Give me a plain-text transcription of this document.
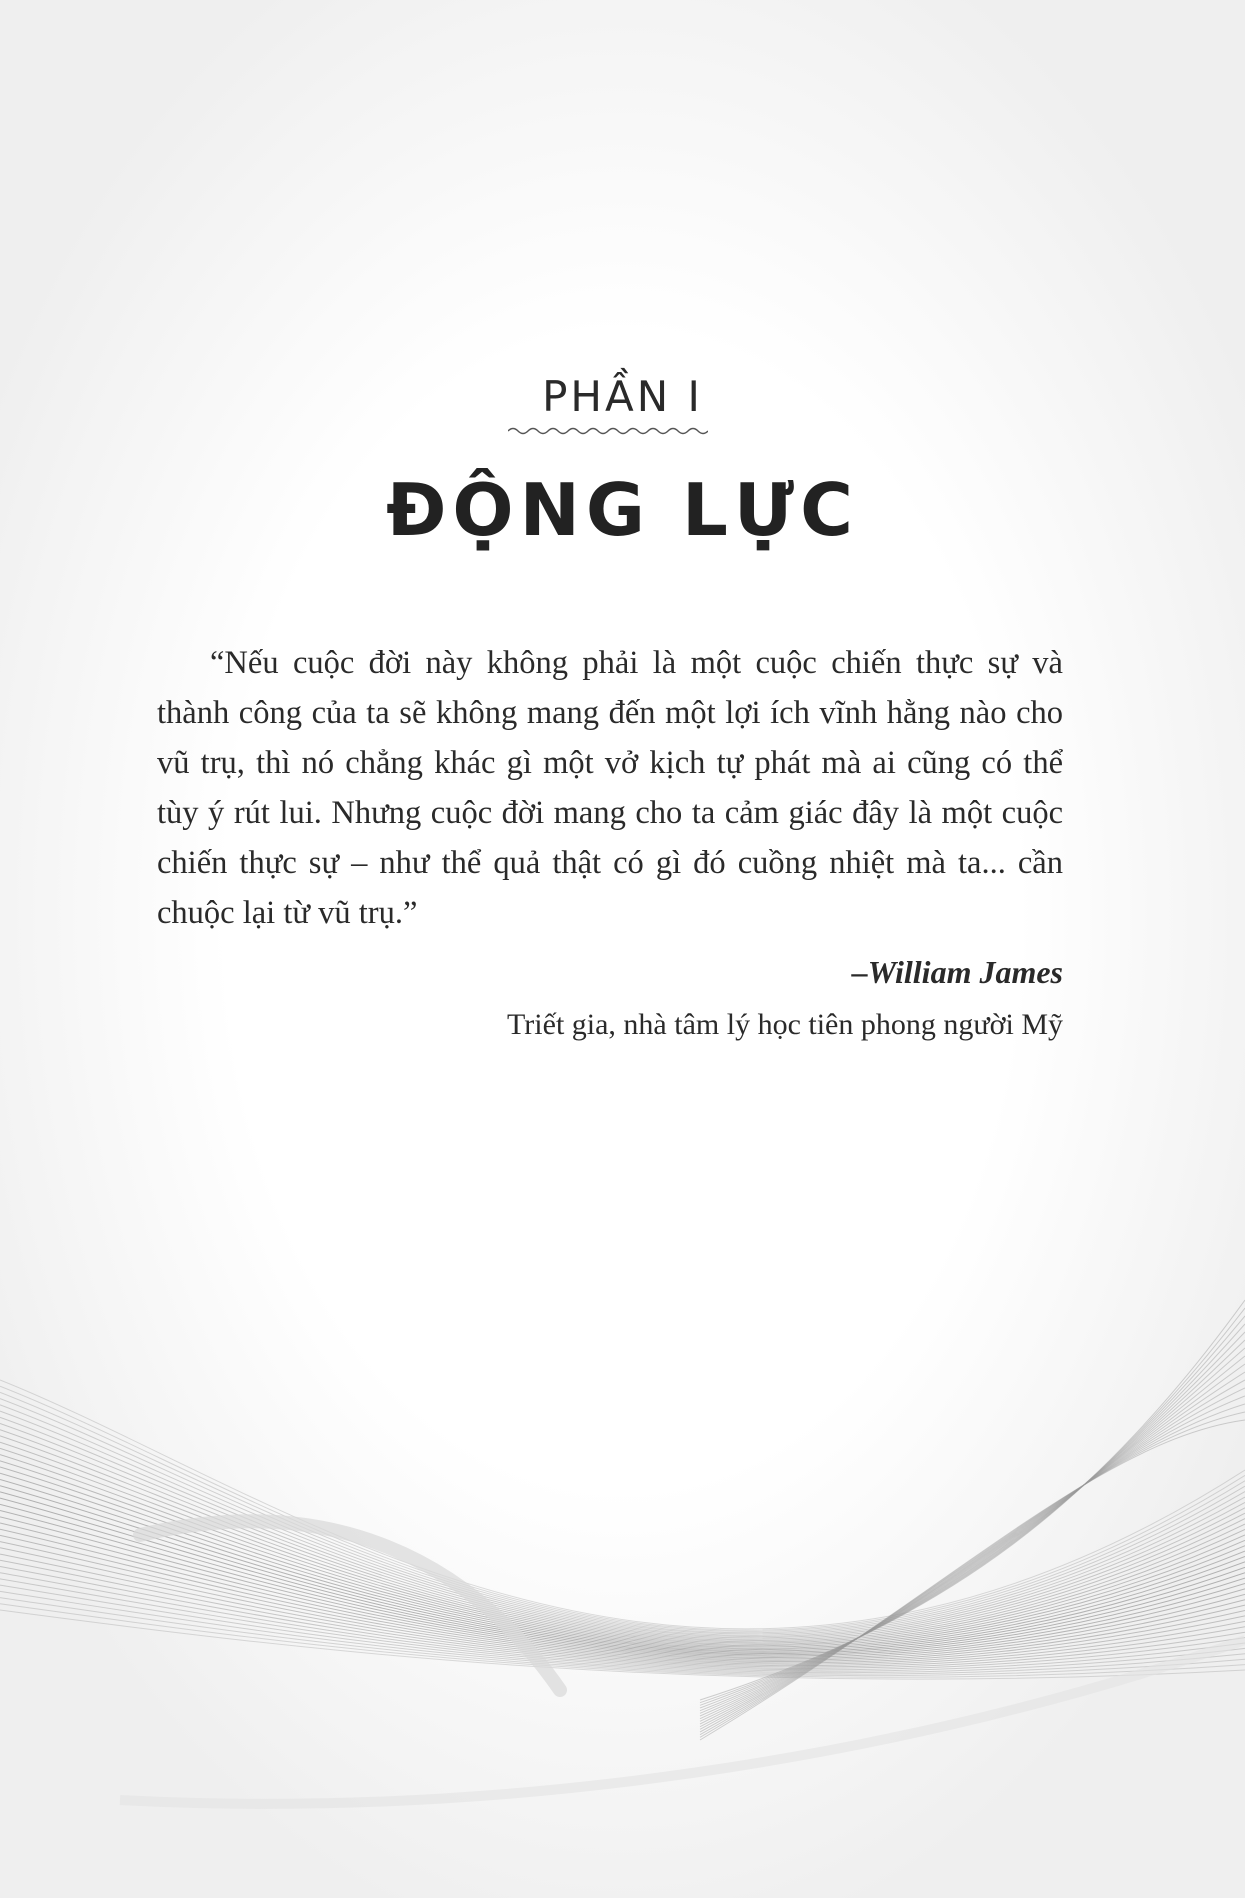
PHẦN I
ĐỘNG LỰC

“Nếu cuộc đời này không phải là một cuộc chiến thực sự và thành công của ta sẽ không mang đến một lợi ích vĩnh hằng nào cho vũ trụ, thì nó chẳng khác gì một vở kịch tự phát mà ai cũng có thể tùy ý rút lui. Nhưng cuộc đời mang cho ta cảm giác đây là một cuộc chiến thực sự – như thể quả thật có gì đó cuồng nhiệt mà ta... cần chuộc lại từ vũ trụ.”

–William James
Triết gia, nhà tâm lý học tiên phong người Mỹ
